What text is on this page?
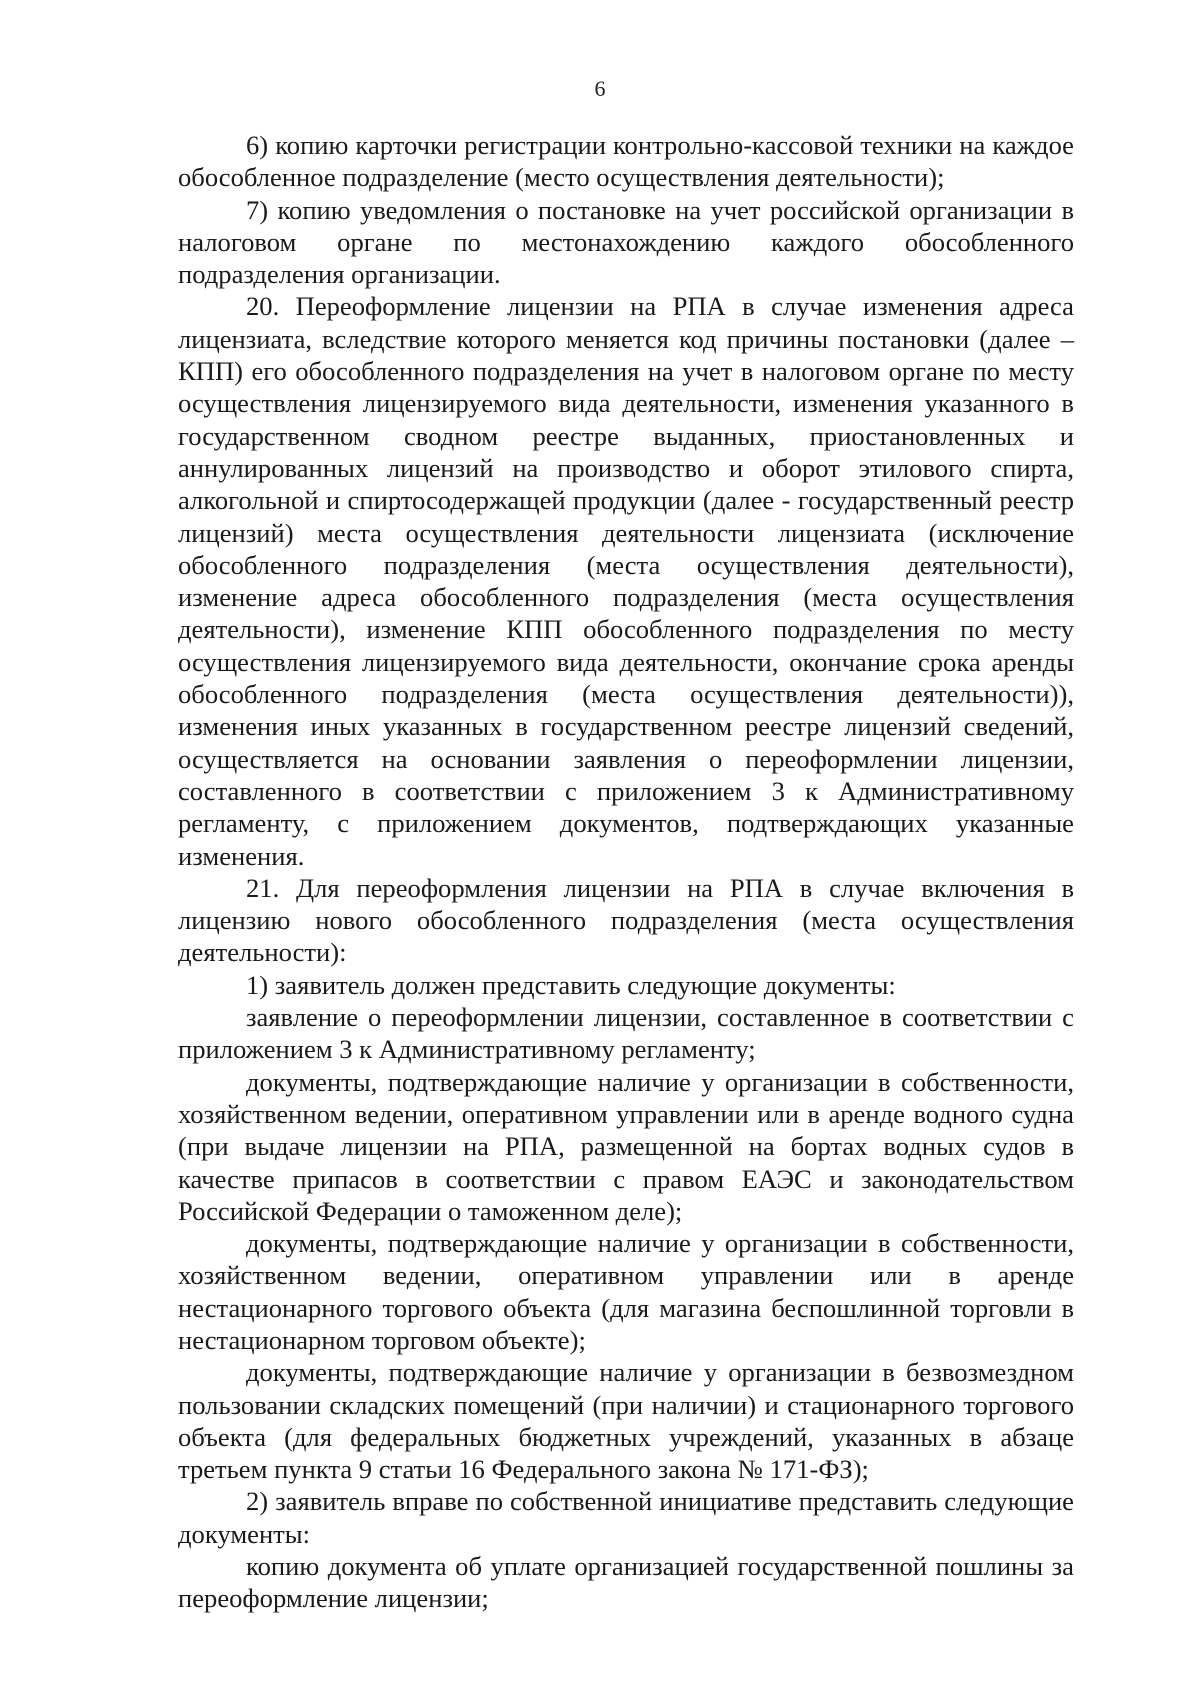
6

6) копию карточки регистрации контрольно-кассовой техники на каждое обособленное подразделение (место осуществления деятельности);

7) копию уведомления о постановке на учет российской организации в налоговом органе по местонахождению каждого обособленного подразделения организации.

20. Переоформление лицензии на РПА в случае изменения адреса лицензиата, вследствие которого меняется код причины постановки (далее – КПП) его обособленного подразделения на учет в налоговом органе по месту осуществления лицензируемого вида деятельности, изменения указанного в государственном сводном реестре выданных, приостановленных и аннулированных лицензий на производство и оборот этилового спирта, алкогольной и спиртосодержащей продукции (далее - государственный реестр лицензий) места осуществления деятельности лицензиата (исключение обособленного подразделения (места осуществления деятельности), изменение адреса обособленного подразделения (места осуществления деятельности), изменение КПП обособленного подразделения по месту осуществления лицензируемого вида деятельности, окончание срока аренды обособленного подразделения (места осуществления деятельности)), изменения иных указанных в государственном реестре лицензий сведений, осуществляется на основании заявления о переоформлении лицензии, составленного в соответствии с приложением 3 к Административному регламенту, с приложением документов, подтверждающих указанные изменения.

21. Для переоформления лицензии на РПА в случае включения в лицензию нового обособленного подразделения (места осуществления деятельности):

1) заявитель должен представить следующие документы:

заявление о переоформлении лицензии, составленное в соответствии с приложением 3 к Административному регламенту;

документы, подтверждающие наличие у организации в собственности, хозяйственном ведении, оперативном управлении или в аренде водного судна (при выдаче лицензии на РПА, размещенной на бортах водных судов в качестве припасов в соответствии с правом ЕАЭС и законодательством Российской Федерации о таможенном деле);

документы, подтверждающие наличие у организации в собственности, хозяйственном ведении, оперативном управлении или в аренде нестационарного торгового объекта (для магазина беспошлинной торговли в нестационарном торговом объекте);

документы, подтверждающие наличие у организации в безвозмездном пользовании складских помещений (при наличии) и стационарного торгового объекта (для федеральных бюджетных учреждений, указанных в абзаце третьем пункта 9 статьи 16 Федерального закона № 171-ФЗ);

2) заявитель вправе по собственной инициативе представить следующие документы:

копию документа об уплате организацией государственной пошлины за переоформление лицензии;
